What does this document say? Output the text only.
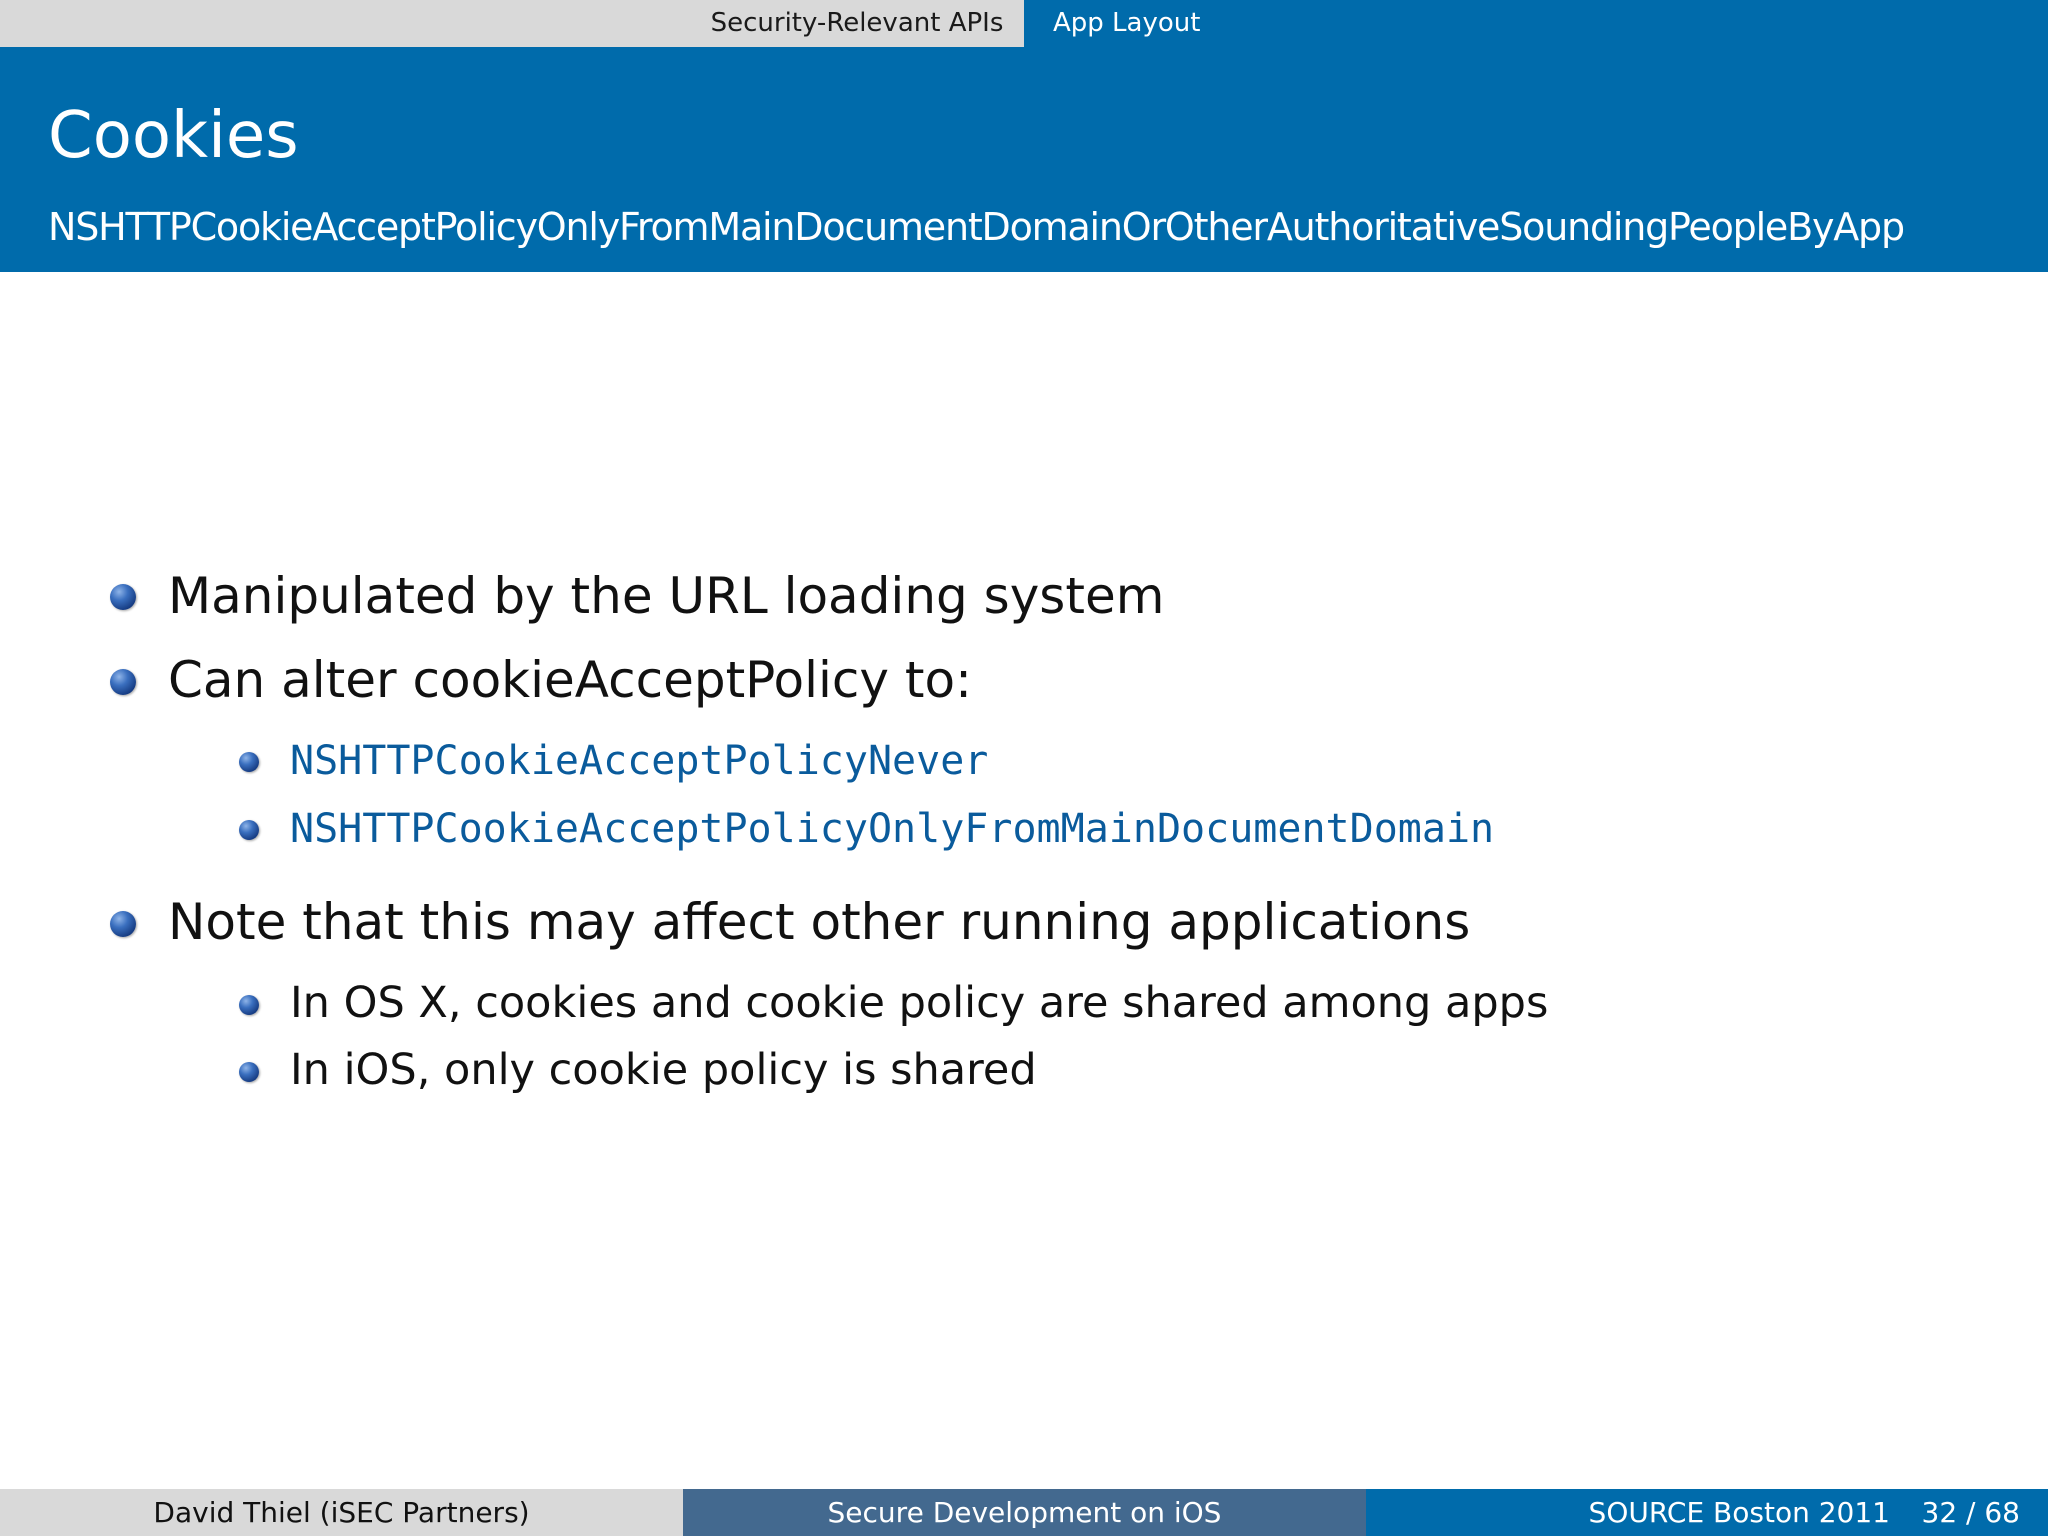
Security-Relevant APIs	App Layout
Cookies
NSHTTPCookieAcceptPolicyOnlyFromMainDocumentDomainOrOtherAuthoritativeSoundingPeopleByApp
Manipulated by the URL loading system
Can alter cookieAcceptPolicy to:
NSHTTPCookieAcceptPolicyNever
NSHTTPCookieAcceptPolicyOnlyFromMainDocumentDomain
Note that this may affect other running applications
In OS X, cookies and cookie policy are shared among apps
In iOS, only cookie policy is shared
David Thiel (iSEC Partners)	Secure Development on iOS	SOURCE Boston 2011 32 / 68
